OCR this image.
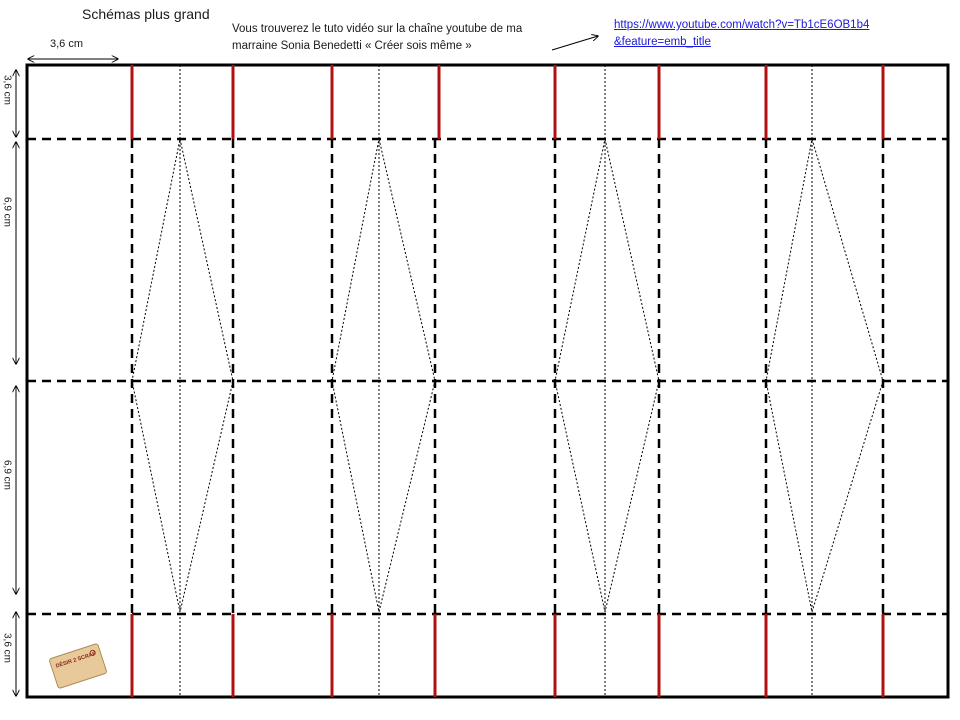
Schémas plus grand
Vous trouverez le tuto vidéo sur la chaîne youtube de ma
marraine Sonia Benedetti « Créer sois même »
https://www.youtube.com/watch?v=Tb1cE6OB1b4
&feature=emb_title
3,6 cm
3,6 cm
6,9 cm
6,9 cm
3,6 cm	DÉSIR 2 SCRAP
